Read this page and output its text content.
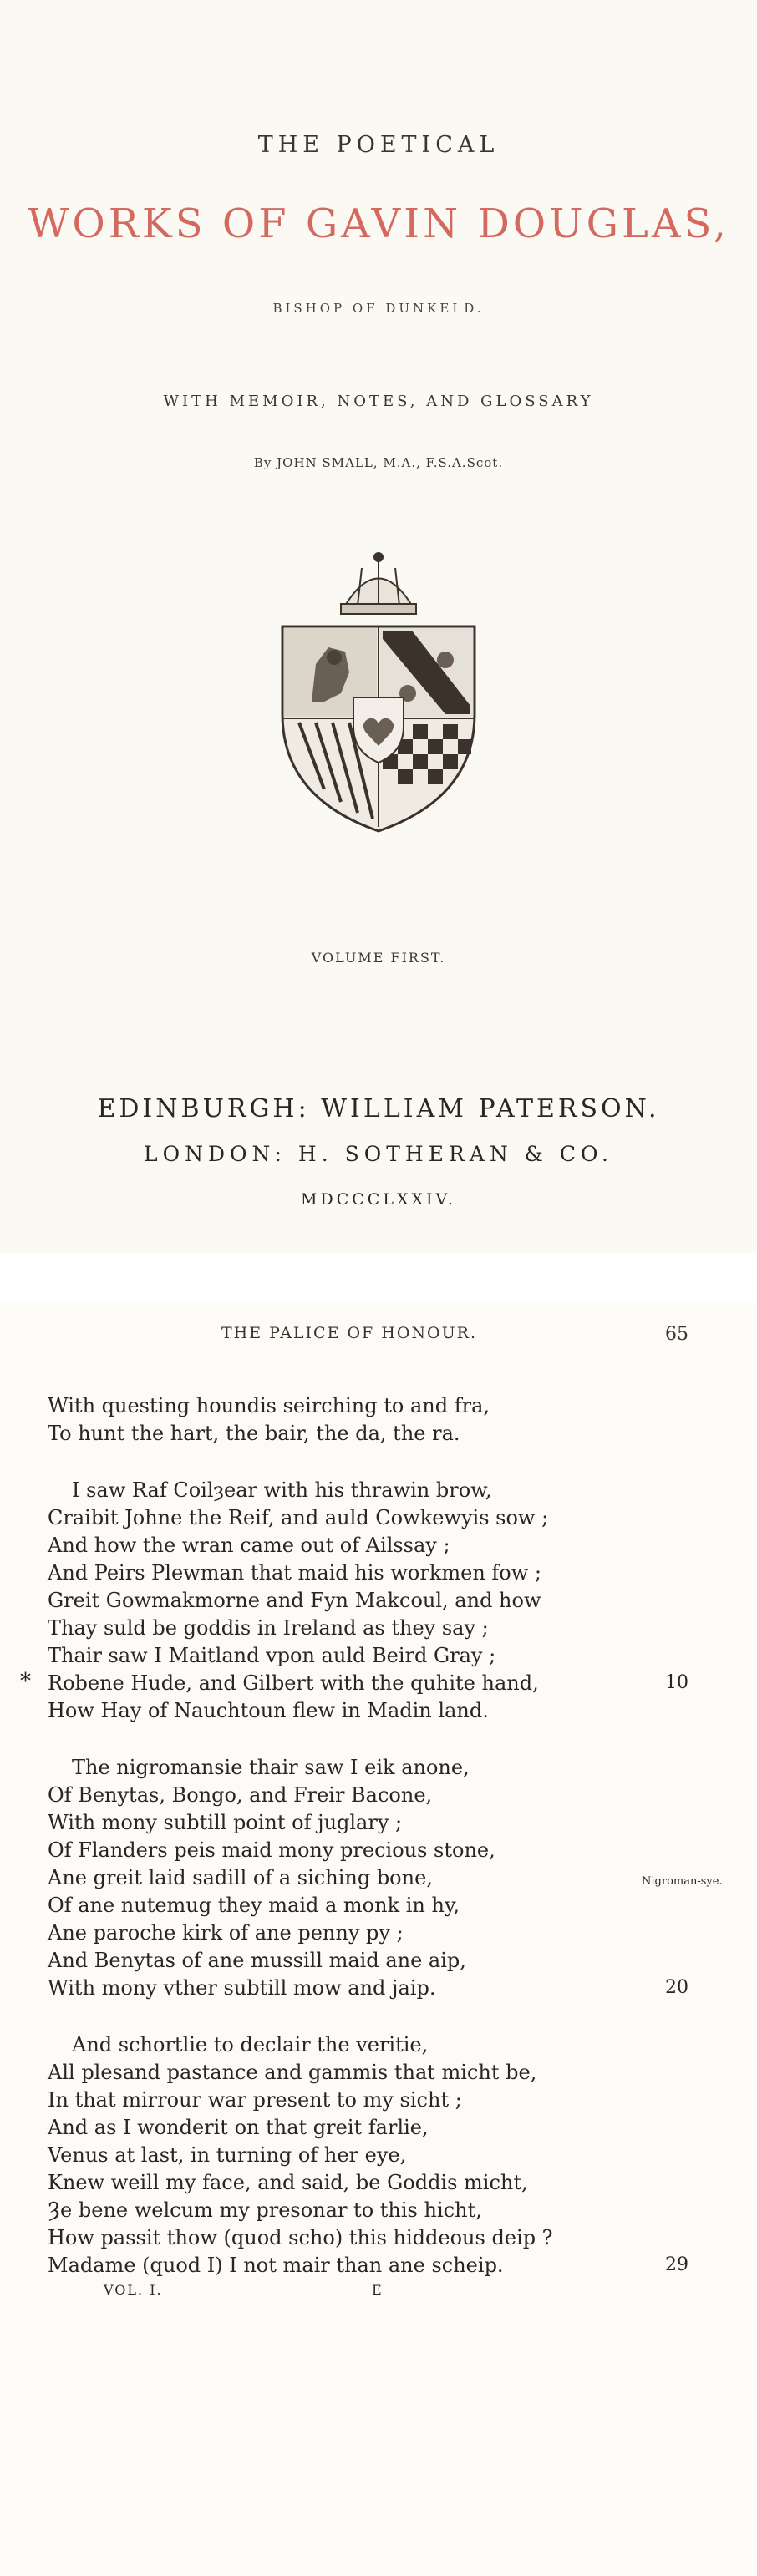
THE POETICAL
WORKS OF GAVIN DOUGLAS,
BISHOP OF DUNKELD.
WITH MEMOIR, NOTES, AND GLOSSARY
By JOHN SMALL, M.A., F.S.A.Scot.
VOLUME FIRST.
EDINBURGH: WILLIAM PATERSON.
LONDON: H. SOTHERAN & CO.
MDCCCLXXIV.
THE PALICE OF HONOUR.	65
With questing houndis seirching to and fra,
To hunt the hart, the bair, the da, the ra.
I saw Raf Coilȝear with his thrawin brow,
Craibit Johne the Reif, and auld Cowkewyis sow ;
And how the wran came out of Ailssay ;
And Peirs Plewman that maid his workmen fow ;
Greit Gowmakmorne and Fyn Makcoul, and how
Thay suld be goddis in Ireland as they say ;
Thair saw I Maitland vpon auld Beird Gray ;
* Robene Hude, and Gilbert with the quhite hand,	10
How Hay of Nauchtoun flew in Madin land.
The nigromansie thair saw I eik anone,
Of Benytas, Bongo, and Freir Bacone,
With mony subtill point of juglary ;
Of Flanders peis maid mony precious stone,
Ane greit laid sadill of a siching bone,
Of ane nutemug they maid a monk in hy,
Ane paroche kirk of ane penny py ;
And Benytas of ane mussill maid ane aip,
With mony vther subtill mow and jaip.	20
Nigroman-sye.
And schortlie to declair the veritie,
All plesand pastance and gammis that micht be,
In that mirrour war present to my sicht ;
And as I wonderit on that greit farlie,
Venus at last, in turning of her eye,
Knew weill my face, and said, be Goddis micht,
Ȝe bene welcum my presonar to this hicht,
How passit thow (quod scho) this hiddeous deip ?
Madame (quod I) I not mair than ane scheip.	29
VOL. I.	E
